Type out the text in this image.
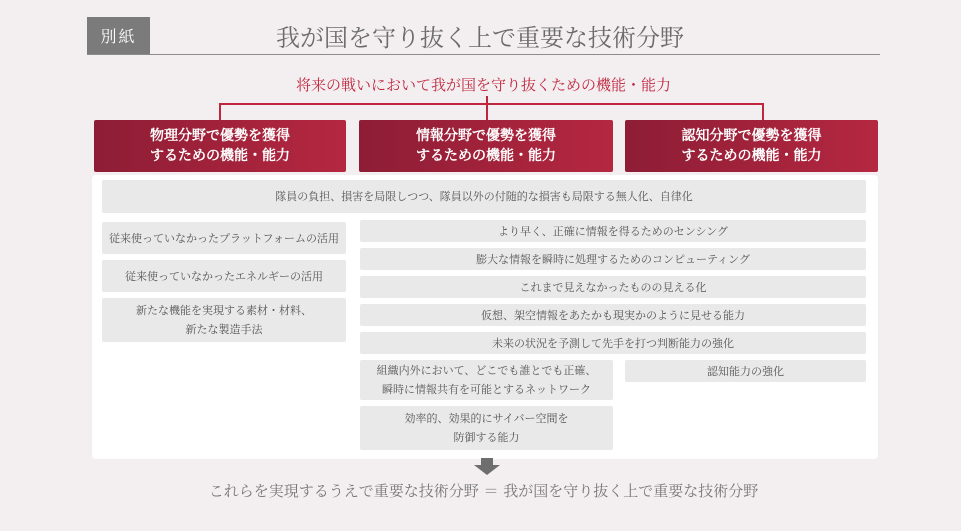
別紙	我が国を守り抜く上で重要な技術分野
将来の戦いにおいて我が国を守り抜くための機能・能力
物理分野で優勢を獲得
するための機能・能力
情報分野で優勢を獲得
するための機能・能力
認知分野で優勢を獲得
するための機能・能力
隊員の負担、損害を局限しつつ、隊員以外の付随的な損害も局限する無人化、自律化
従来使っていなかったプラットフォームの活用
従来使っていなかったエネルギーの活用
新たな機能を実現する素材・材料、
新たな製造手法
より早く、正確に情報を得るためのセンシング
膨大な情報を瞬時に処理するためのコンピューティング
これまで見えなかったものの見える化
仮想、架空情報をあたかも現実かのように見せる能力
未来の状況を予測して先手を打つ判断能力の強化
組織内外において、どこでも誰とでも正確、
瞬時に情報共有を可能とするネットワーク
効率的、効果的にサイバー空間を
防御する能力
認知能力の強化
これらを実現するうえで重要な技術分野 ＝ 我が国を守り抜く上で重要な技術分野
